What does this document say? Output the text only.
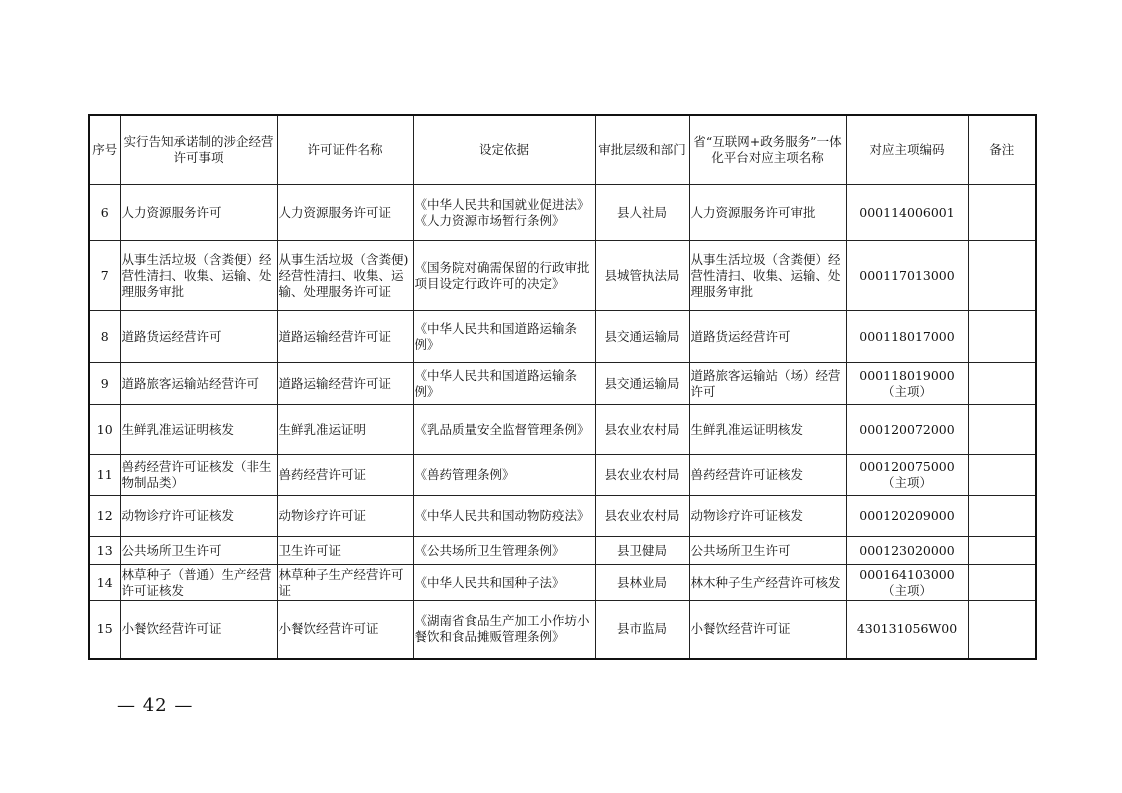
序号	实行告知承诺制的涉企经营许可事项	许可证件名称	设定依据	审批层级和部门	省“互联网+政务服务”一体化平台对应主项名称	对应主项编码	备注
6	人力资源服务许可	人力资源服务许可证	《中华人民共和国就业促进法》《人力资源市场暂行条例》	县人社局	人力资源服务许可审批	000114006001	
7	从事生活垃圾（含粪便）经营性清扫、收集、运输、处理服务审批	从事生活垃圾（含粪便)经营性清扫、收集、运输、处理服务许可证	《国务院对确需保留的行政审批项目设定行政许可的决定》	县城管执法局	从事生活垃圾（含粪便）经营性清扫、收集、运输、处理服务审批	000117013000	
8	道路货运经营许可	道路运输经营许可证	《中华人民共和国道路运输条例》	县交通运输局	道路货运经营许可	000118017000	
9	道路旅客运输站经营许可	道路运输经营许可证	《中华人民共和国道路运输条例》	县交通运输局	道路旅客运输站（场）经营许可	000118019000（主项）	
10	生鲜乳准运证明核发	生鲜乳准运证明	《乳品质量安全监督管理条例》	县农业农村局	生鲜乳准运证明核发	000120072000	
11	兽药经营许可证核发（非生物制品类）	兽药经营许可证	《兽药管理条例》	县农业农村局	兽药经营许可证核发	000120075000（主项）	
12	动物诊疗许可证核发	动物诊疗许可证	《中华人民共和国动物防疫法》	县农业农村局	动物诊疗许可证核发	000120209000	
13	公共场所卫生许可	卫生许可证	《公共场所卫生管理条例》	县卫健局	公共场所卫生许可	000123020000	
14	林草种子（普通）生产经营许可证核发	林草种子生产经营许可证	《中华人民共和国种子法》	县林业局	林木种子生产经营许可核发	000164103000（主项）	
15	小餐饮经营许可证	小餐饮经营许可证	《湖南省食品生产加工小作坊小餐饮和食品摊贩管理条例》	县市监局	小餐饮经营许可证	430131056W00	
— 42 —
